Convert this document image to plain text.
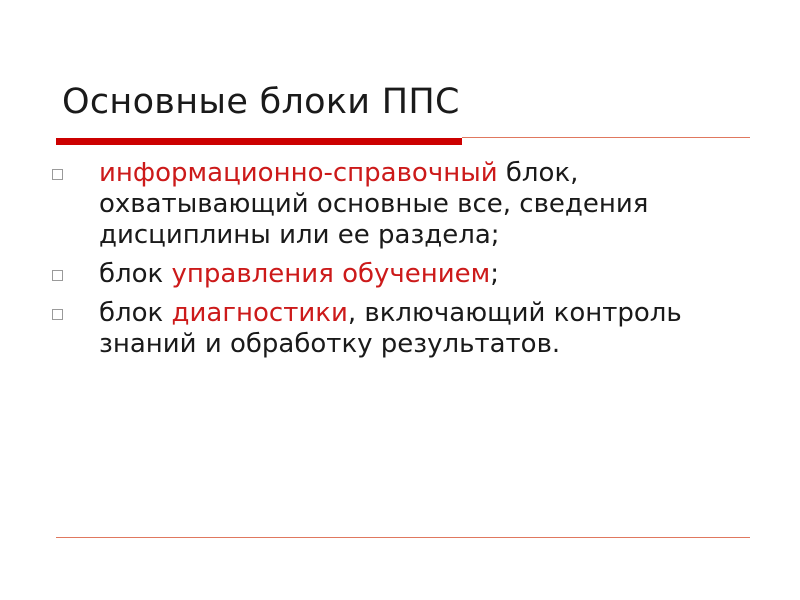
Основные блоки ППС
информационно-справочный блок, охватывающий основные все, сведения дисциплины или ее раздела;
блок управления обучением;
блок диагностики, включающий контроль знаний и обработку результатов.
